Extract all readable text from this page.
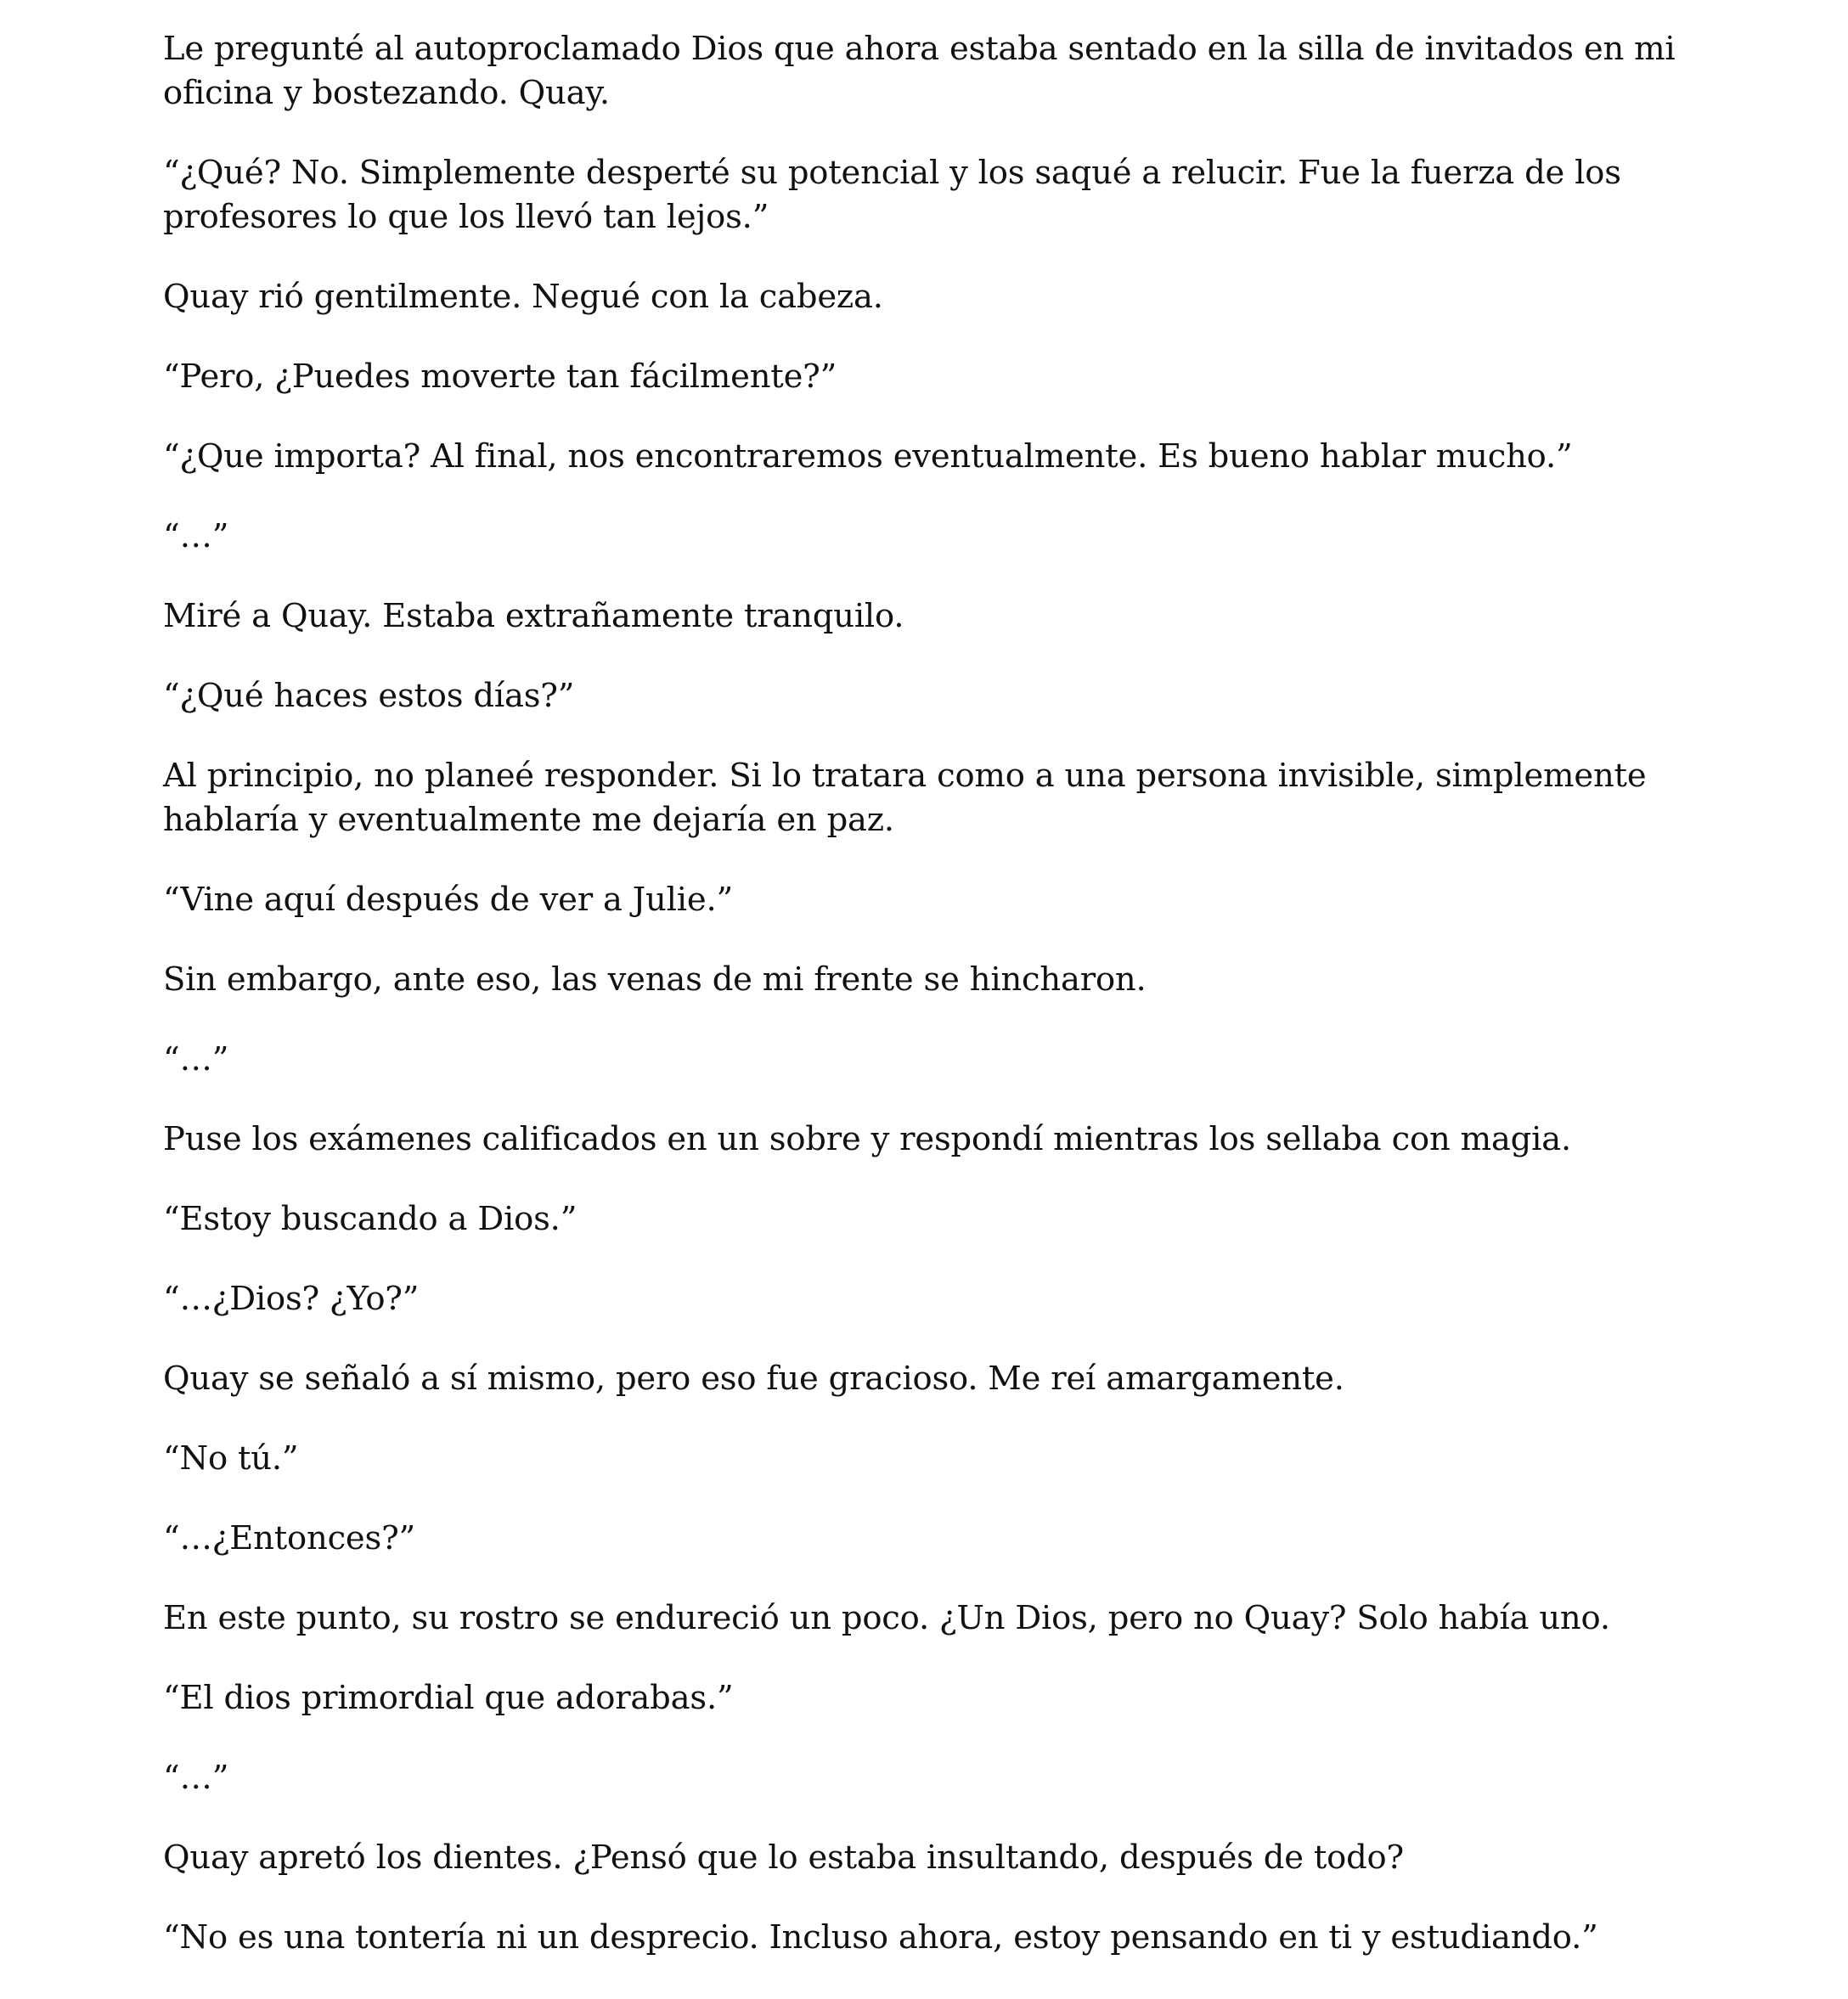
Le pregunté al autoproclamado Dios que ahora estaba sentado en la silla de invitados en mi oficina y bostezando. Quay.

“¿Qué? No. Simplemente desperté su potencial y los saqué a relucir. Fue la fuerza de los profesores lo que los llevó tan lejos.”

Quay rió gentilmente. Negué con la cabeza.

“Pero, ¿Puedes moverte tan fácilmente?”

“¿Que importa? Al final, nos encontraremos eventualmente. Es bueno hablar mucho.”

“…”

Miré a Quay. Estaba extrañamente tranquilo.

“¿Qué haces estos días?”

Al principio, no planeé responder. Si lo tratara como a una persona invisible, simplemente hablaría y eventualmente me dejaría en paz.

“Vine aquí después de ver a Julie.”

Sin embargo, ante eso, las venas de mi frente se hincharon.

“…”

Puse los exámenes calificados en un sobre y respondí mientras los sellaba con magia.

“Estoy buscando a Dios.”

“…¿Dios? ¿Yo?”

Quay se señaló a sí mismo, pero eso fue gracioso. Me reí amargamente.

“No tú.”

“…¿Entonces?”

En este punto, su rostro se endureció un poco. ¿Un Dios, pero no Quay? Solo había uno.

“El dios primordial que adorabas.”

“…”

Quay apretó los dientes. ¿Pensó que lo estaba insultando, después de todo?

“No es una tontería ni un desprecio. Incluso ahora, estoy pensando en ti y estudiando.”
